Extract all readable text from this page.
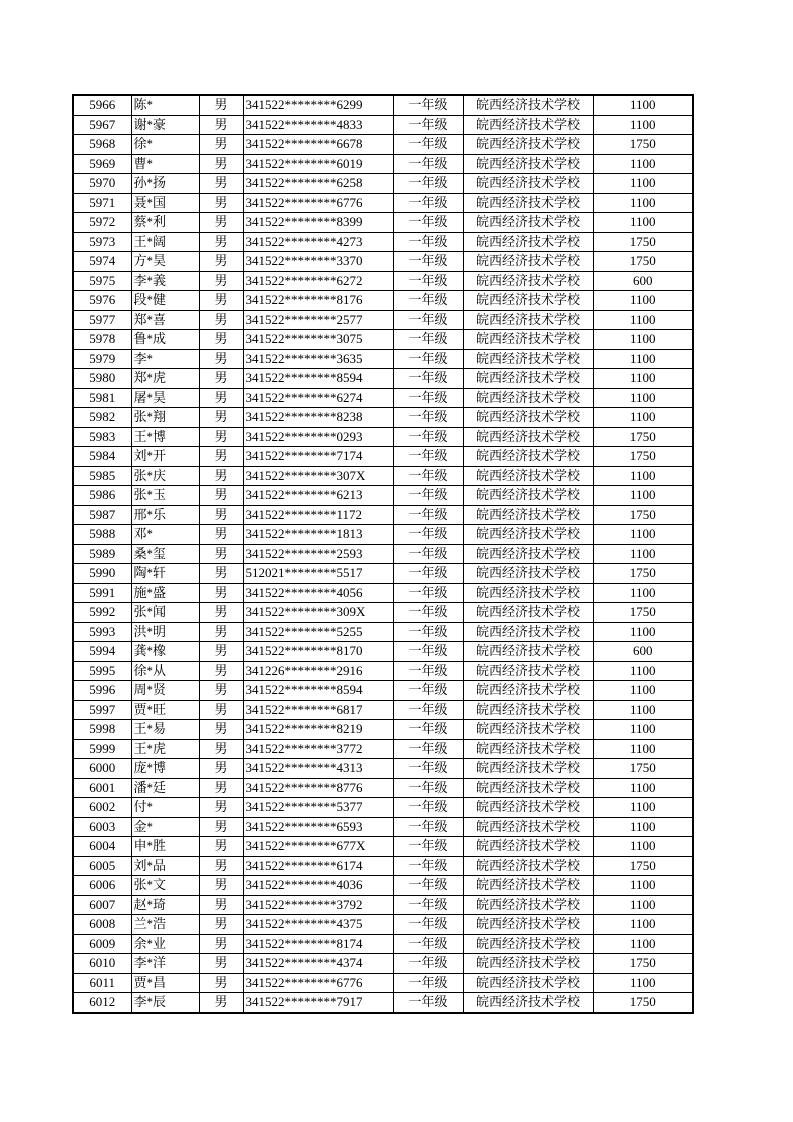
5966	陈*	男	341522********6299	一年级	皖西经济技术学校	1100
5967	谢*豪	男	341522********4833	一年级	皖西经济技术学校	1100
5968	徐*	男	341522********6678	一年级	皖西经济技术学校	1750
5969	曹*	男	341522********6019	一年级	皖西经济技术学校	1100
5970	孙*扬	男	341522********6258	一年级	皖西经济技术学校	1100
5971	聂*国	男	341522********6776	一年级	皖西经济技术学校	1100
5972	蔡*利	男	341522********8399	一年级	皖西经济技术学校	1100
5973	王*阔	男	341522********4273	一年级	皖西经济技术学校	1750
5974	方*昊	男	341522********3370	一年级	皖西经济技术学校	1750
5975	李*義	男	341522********6272	一年级	皖西经济技术学校	600
5976	段*健	男	341522********8176	一年级	皖西经济技术学校	1100
5977	郑*喜	男	341522********2577	一年级	皖西经济技术学校	1100
5978	鲁*成	男	341522********3075	一年级	皖西经济技术学校	1100
5979	李*	男	341522********3635	一年级	皖西经济技术学校	1100
5980	郑*虎	男	341522********8594	一年级	皖西经济技术学校	1100
5981	屠*昊	男	341522********6274	一年级	皖西经济技术学校	1100
5982	张*翔	男	341522********8238	一年级	皖西经济技术学校	1100
5983	王*博	男	341522********0293	一年级	皖西经济技术学校	1750
5984	刘*开	男	341522********7174	一年级	皖西经济技术学校	1750
5985	张*庆	男	341522********307X	一年级	皖西经济技术学校	1100
5986	张*玉	男	341522********6213	一年级	皖西经济技术学校	1100
5987	邢*乐	男	341522********1172	一年级	皖西经济技术学校	1750
5988	邓*	男	341522********1813	一年级	皖西经济技术学校	1100
5989	桑*玺	男	341522********2593	一年级	皖西经济技术学校	1100
5990	陶*轩	男	512021********5517	一年级	皖西经济技术学校	1750
5991	施*盛	男	341522********4056	一年级	皖西经济技术学校	1100
5992	张*闻	男	341522********309X	一年级	皖西经济技术学校	1750
5993	洪*明	男	341522********5255	一年级	皖西经济技术学校	1100
5994	龚*橡	男	341522********8170	一年级	皖西经济技术学校	600
5995	徐*从	男	341226********2916	一年级	皖西经济技术学校	1100
5996	周*贤	男	341522********8594	一年级	皖西经济技术学校	1100
5997	贾*旺	男	341522********6817	一年级	皖西经济技术学校	1100
5998	王*易	男	341522********8219	一年级	皖西经济技术学校	1100
5999	王*虎	男	341522********3772	一年级	皖西经济技术学校	1100
6000	庞*博	男	341522********4313	一年级	皖西经济技术学校	1750
6001	潘*廷	男	341522********8776	一年级	皖西经济技术学校	1100
6002	付*	男	341522********5377	一年级	皖西经济技术学校	1100
6003	金*	男	341522********6593	一年级	皖西经济技术学校	1100
6004	申*胜	男	341522********677X	一年级	皖西经济技术学校	1100
6005	刘*品	男	341522********6174	一年级	皖西经济技术学校	1750
6006	张*文	男	341522********4036	一年级	皖西经济技术学校	1100
6007	赵*琦	男	341522********3792	一年级	皖西经济技术学校	1100
6008	兰*浩	男	341522********4375	一年级	皖西经济技术学校	1100
6009	余*业	男	341522********8174	一年级	皖西经济技术学校	1100
6010	李*洋	男	341522********4374	一年级	皖西经济技术学校	1750
6011	贾*昌	男	341522********6776	一年级	皖西经济技术学校	1100
6012	李*辰	男	341522********7917	一年级	皖西经济技术学校	1750
